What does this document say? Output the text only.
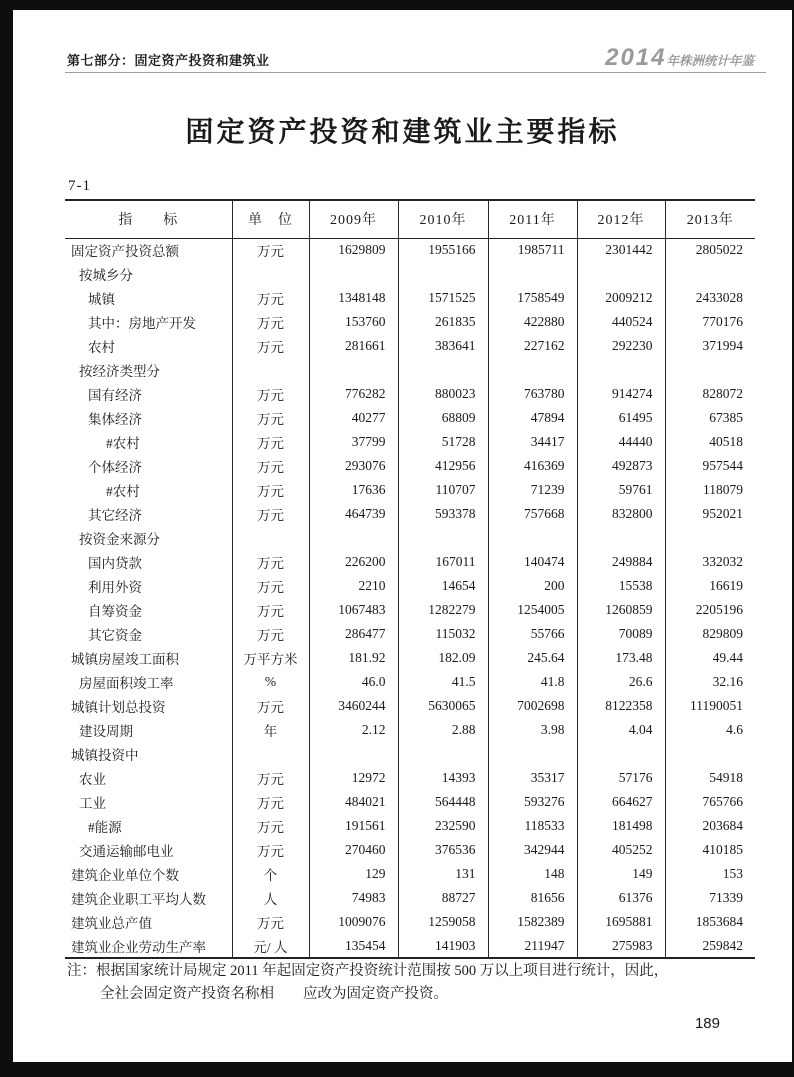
第七部分：固定资产投资和建筑业	2014年株洲统计年鉴
固定资产投资和建筑业主要指标
7-1
指　　标	单　位	2009年	2010年	2011年	2012年	2013年
固定资产投资总额	万元	1629809	1955166	1985711	2301442	2805022
按城乡分						
城镇	万元	1348148	1571525	1758549	2009212	2433028
其中：房地产开发	万元	153760	261835	422880	440524	770176
农村	万元	281661	383641	227162	292230	371994
按经济类型分						
国有经济	万元	776282	880023	763780	914274	828072
集体经济	万元	40277	68809	47894	61495	67385
#农村	万元	37799	51728	34417	44440	40518
个体经济	万元	293076	412956	416369	492873	957544
#农村	万元	17636	110707	71239	59761	118079
其它经济	万元	464739	593378	757668	832800	952021
按资金来源分						
国内贷款	万元	226200	167011	140474	249884	332032
利用外资	万元	2210	14654	200	15538	16619
自筹资金	万元	1067483	1282279	1254005	1260859	2205196
其它资金	万元	286477	115032	55766	70089	829809
城镇房屋竣工面积	万平方米	181.92	182.09	245.64	173.48	49.44
房屋面积竣工率	%	46.0	41.5	41.8	26.6	32.16
城镇计划总投资	万元	3460244	5630065	7002698	8122358	11190051
建设周期	年	2.12	2.88	3.98	4.04	4.6
城镇投资中						
农业	万元	12972	14393	35317	57176	54918
工业	万元	484021	564448	593276	664627	765766
#能源	万元	191561	232590	118533	181498	203684
交通运输邮电业	万元	270460	376536	342944	405252	410185
建筑企业单位个数	个	129	131	148	149	153
建筑企业职工平均人数	人	74983	88727	81656	61376	71339
建筑业总产值	万元	1009076	1259058	1582389	1695881	1853684
建筑业企业劳动生产率	元/ 人	135454	141903	211947	275983	259842
注：根据国家统计局规定 2011 年起固定资产投资统计范围按 500 万以上项目进行统计，因此，
全社会固定资产投资名称相　　应改为固定资产投资。
189
